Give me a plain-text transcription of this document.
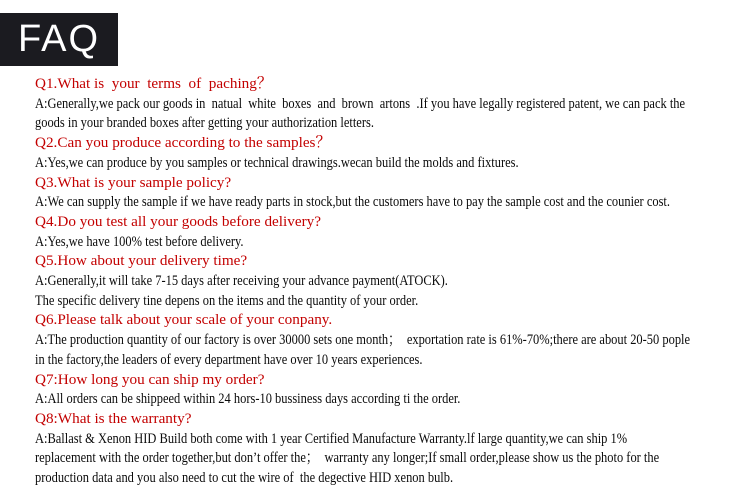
FAQ
Q1.What is  your  terms  of  paching？
A:Generally,we pack our goods in  natual  white  boxes  and  brown  artons  .If you have legally registered patent, we can pack the
goods in your branded boxes after getting your authorization letters.
Q2.Can you produce according to the samples？
A:Yes,we can produce by you samples or technical drawings.wecan build the molds and fixtures.
Q3.What is your sample policy?
A:We can supply the sample if we have ready parts in stock,but the customers have to pay the sample cost and the counier cost.
Q4.Do you test all your goods before delivery?
A:Yes,we have 100% test before delivery.
Q5.How about your delivery time?
A:Generally,it will take 7-15 days after receiving your advance payment(ATOCK).
The specific delivery tine depens on the items and the quantity of your order.
Q6.Please talk about your scale of your conpany.
A:The production quantity of our factory is over 30000 sets one month；  exportation rate is 61%-70%;there are about 20-50 pople
in the factory,the leaders of every department have over 10 years experiences.
Q7:How long you can ship my order?
A:All orders can be shippeed within 24 hors-10 bussiness days according ti the order.
Q8:What is the warranty?
A:Ballast & Xenon HID Build both come with 1 year Certified Manufacture Warranty.lf large quantity,we can ship 1%
replacement with the order together,but don’t offer the；  warranty any longer;If small order,please show us the photo for the
production data and you also need to cut the wire of  the degective HID xenon bulb.
